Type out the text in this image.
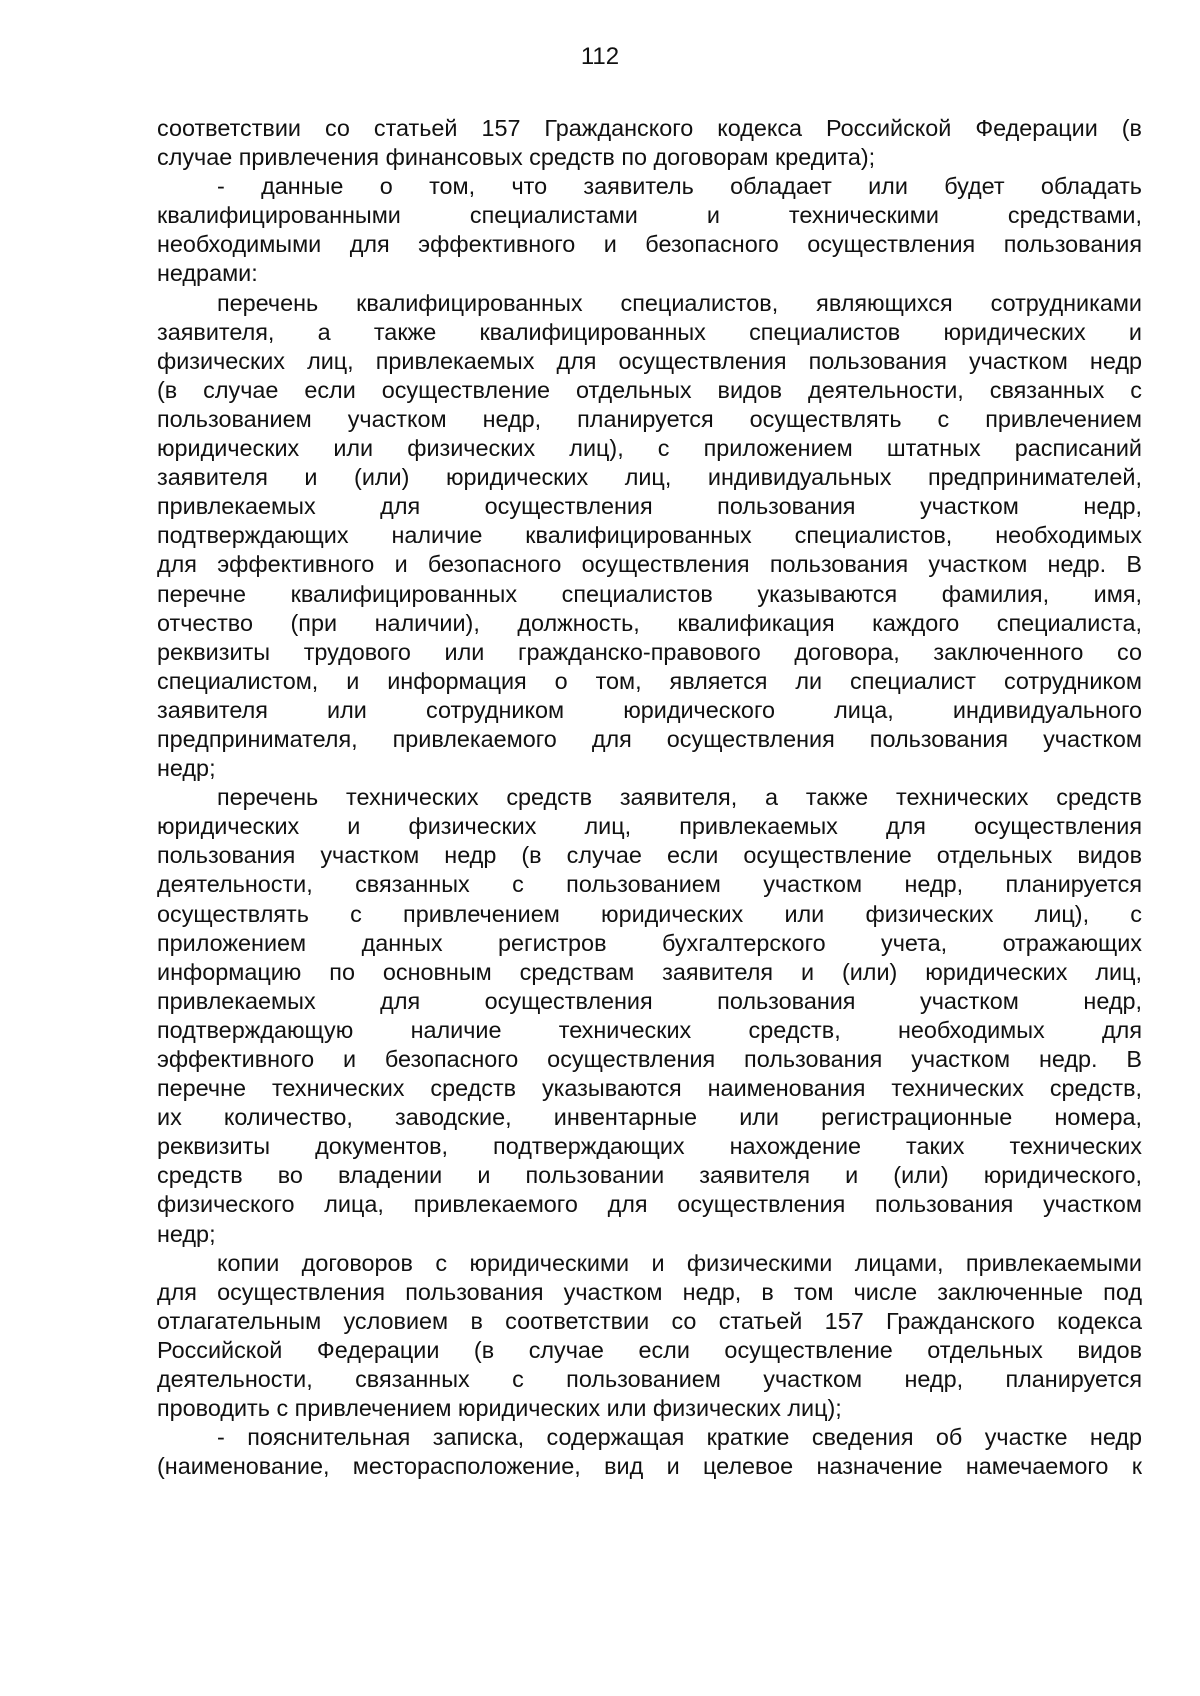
112
соответствии со статьей 157 Гражданского кодекса Российской Федерации (в
случае привлечения финансовых средств по договорам кредита);
- данные о том, что заявитель обладает или будет обладать
квалифицированными специалистами и техническими средствами,
необходимыми для эффективного и безопасного осуществления пользования
недрами:
перечень квалифицированных специалистов, являющихся сотрудниками
заявителя, а также квалифицированных специалистов юридических и
физических лиц, привлекаемых для осуществления пользования участком недр
(в случае если осуществление отдельных видов деятельности, связанных с
пользованием участком недр, планируется осуществлять с привлечением
юридических или физических лиц), с приложением штатных расписаний
заявителя и (или) юридических лиц, индивидуальных предпринимателей,
привлекаемых для осуществления пользования участком недр,
подтверждающих наличие квалифицированных специалистов, необходимых
для эффективного и безопасного осуществления пользования участком недр. В
перечне квалифицированных специалистов указываются фамилия, имя,
отчество (при наличии), должность, квалификация каждого специалиста,
реквизиты трудового или гражданско-правового договора, заключенного со
специалистом, и информация о том, является ли специалист сотрудником
заявителя или сотрудником юридического лица, индивидуального
предпринимателя, привлекаемого для осуществления пользования участком
недр;
перечень технических средств заявителя, а также технических средств
юридических и физических лиц, привлекаемых для осуществления
пользования участком недр (в случае если осуществление отдельных видов
деятельности, связанных с пользованием участком недр, планируется
осуществлять с привлечением юридических или физических лиц), с
приложением данных регистров бухгалтерского учета, отражающих
информацию по основным средствам заявителя и (или) юридических лиц,
привлекаемых для осуществления пользования участком недр,
подтверждающую наличие технических средств, необходимых для
эффективного и безопасного осуществления пользования участком недр. В
перечне технических средств указываются наименования технических средств,
их количество, заводские, инвентарные или регистрационные номера,
реквизиты документов, подтверждающих нахождение таких технических
средств во владении и пользовании заявителя и (или) юридического,
физического лица, привлекаемого для осуществления пользования участком
недр;
копии договоров с юридическими и физическими лицами, привлекаемыми
для осуществления пользования участком недр, в том числе заключенные под
отлагательным условием в соответствии со статьей 157 Гражданского кодекса
Российской Федерации (в случае если осуществление отдельных видов
деятельности, связанных с пользованием участком недр, планируется
проводить с привлечением юридических или физических лиц);
- пояснительная записка, содержащая краткие сведения об участке недр
(наименование, месторасположение, вид и целевое назначение намечаемого к
